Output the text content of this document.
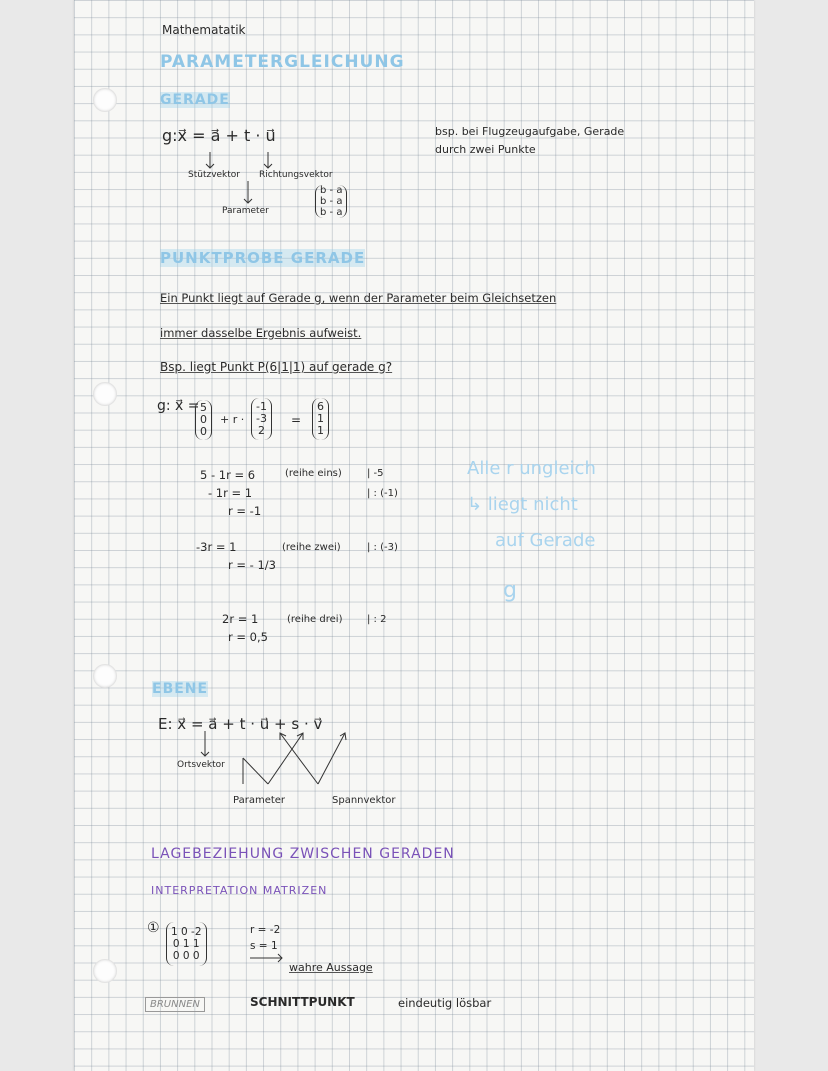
Mathematatik
PARAMETERGLEICHUNG
GERADE
g:x⃗ = a⃗ + t · u⃗
Stützvektor Richtungsvektor
Parameter
b - a
b - a
b - a
bsp. bei Flugzeugaufgabe, Gerade
durch zwei Punkte
PUNKTPROBE GERADE
Ein Punkt liegt auf Gerade g, wenn der Parameter beim Gleichsetzen
immer dasselbe Ergebnis aufweist.
Bsp. liegt Punkt P(6|1|1) auf gerade g?
g: x⃗ = 5
0
0
+ r ·
-1
-3
2
=
6
1
1
5 - 1r = 6	(reihe eins)	| -5
- 1r = 1	| : (-1)
r = -1
-3r = 1	(reihe zwei)	| : (-3)
r = - 1/3
2r = 1	(reihe drei) | : 2
r = 0,5
Alle r ungleich
↳ liegt nicht
auf Gerade
g
EBENE
E: x⃗ = a⃗ + t · u⃗ + s · v⃗
Ortsvektor
Parameter	Spannvektor
LAGEBEZIEHUNG ZWISCHEN GERADEN
INTERPRETATION MATRIZEN
① 1 0 -2
0 1 1
0 0 0
r = -2
s = 1
wahre Aussage
SCHNITTPUNKT	eindeutig lösbar
BRUNNEN
